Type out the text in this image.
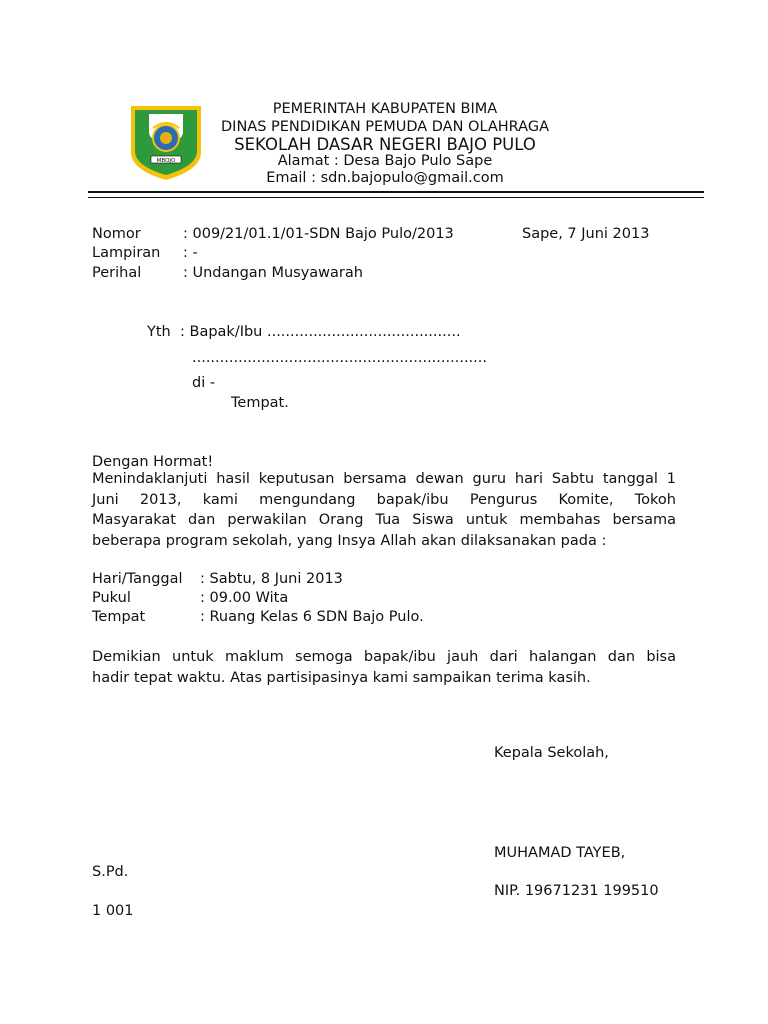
MBOJO
PEMERINTAH KABUPATEN BIMA
DINAS PENDIDIKAN PEMUDA DAN OLAHRAGA
SEKOLAH DASAR NEGERI BAJO PULO
Alamat : Desa Bajo Pulo Sape
Email : sdn.bajopulo@gmail.com
Nomor	: 009/21/01.1/01-SDN Bajo Pulo/2013	Sape, 7 Juni 2013
Lampiran : -
Perihal	: Undangan Musyawarah
Yth : Bapak/Ibu ..........................................
................................................................
di -
Tempat.
Dengan Hormat!
Menindaklanjuti hasil keputusan bersama dewan guru hari Sabtu tanggal 1
Juni 2013, kami mengundang bapak/ibu Pengurus Komite, Tokoh
Masyarakat dan perwakilan Orang Tua Siswa untuk membahas bersama
beberapa program sekolah, yang Insya Allah akan dilaksanakan pada :
Hari/Tanggal : Sabtu, 8 Juni 2013
Pukul	: 09.00 Wita
Tempat	: Ruang Kelas 6 SDN Bajo Pulo.
Demikian untuk maklum semoga bapak/ibu jauh dari halangan dan bisa
hadir tepat waktu. Atas partisipasinya kami sampaikan terima kasih.
Kepala Sekolah,
MUHAMAD TAYEB,
S.Pd.
NIP. 19671231 199510
1 001
